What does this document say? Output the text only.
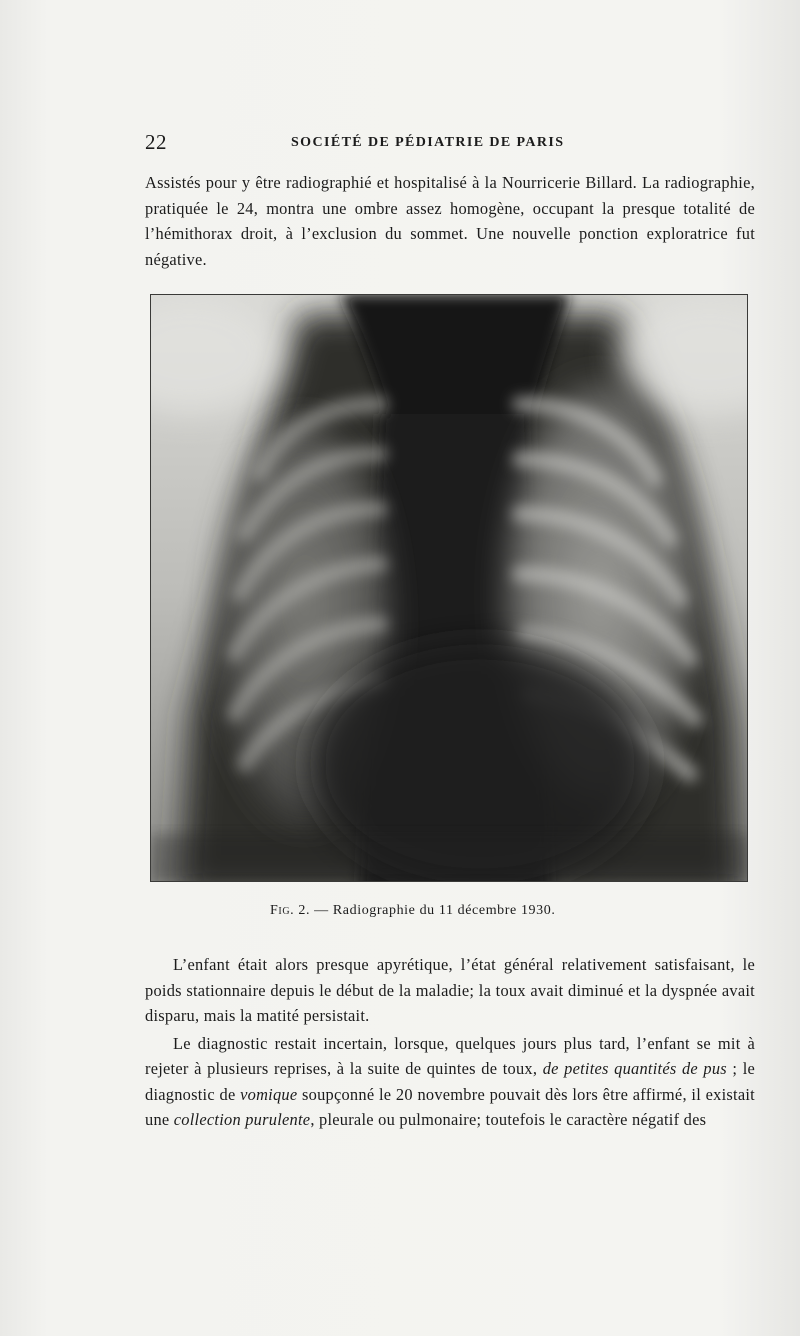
22	SOCIÉTÉ DE PÉDIATRIE DE PARIS

Assistés pour y être radiographié et hospitalisé à la Nourricerie Billard. La radiographie, pratiquée le 24, montra une ombre assez homogène, occupant la presque totalité de l’hémithorax droit, à l’exclusion du sommet. Une nouvelle ponction exploratrice fut négative.

Fig. 2. — Radiographie du 11 décembre 1930.

L’enfant était alors presque apyrétique, l’état général relativement satisfaisant, le poids stationnaire depuis le début de la maladie; la toux avait diminué et la dyspnée avait disparu, mais la matité persistait.

Le diagnostic restait incertain, lorsque, quelques jours plus tard, l’enfant se mit à rejeter à plusieurs reprises, à la suite de quintes de toux, de petites quantités de pus ; le diagnostic de vomique soupçonné le 20 novembre pouvait dès lors être affirmé, il existait une collection purulente, pleurale ou pulmonaire; toutefois le caractère négatif des
